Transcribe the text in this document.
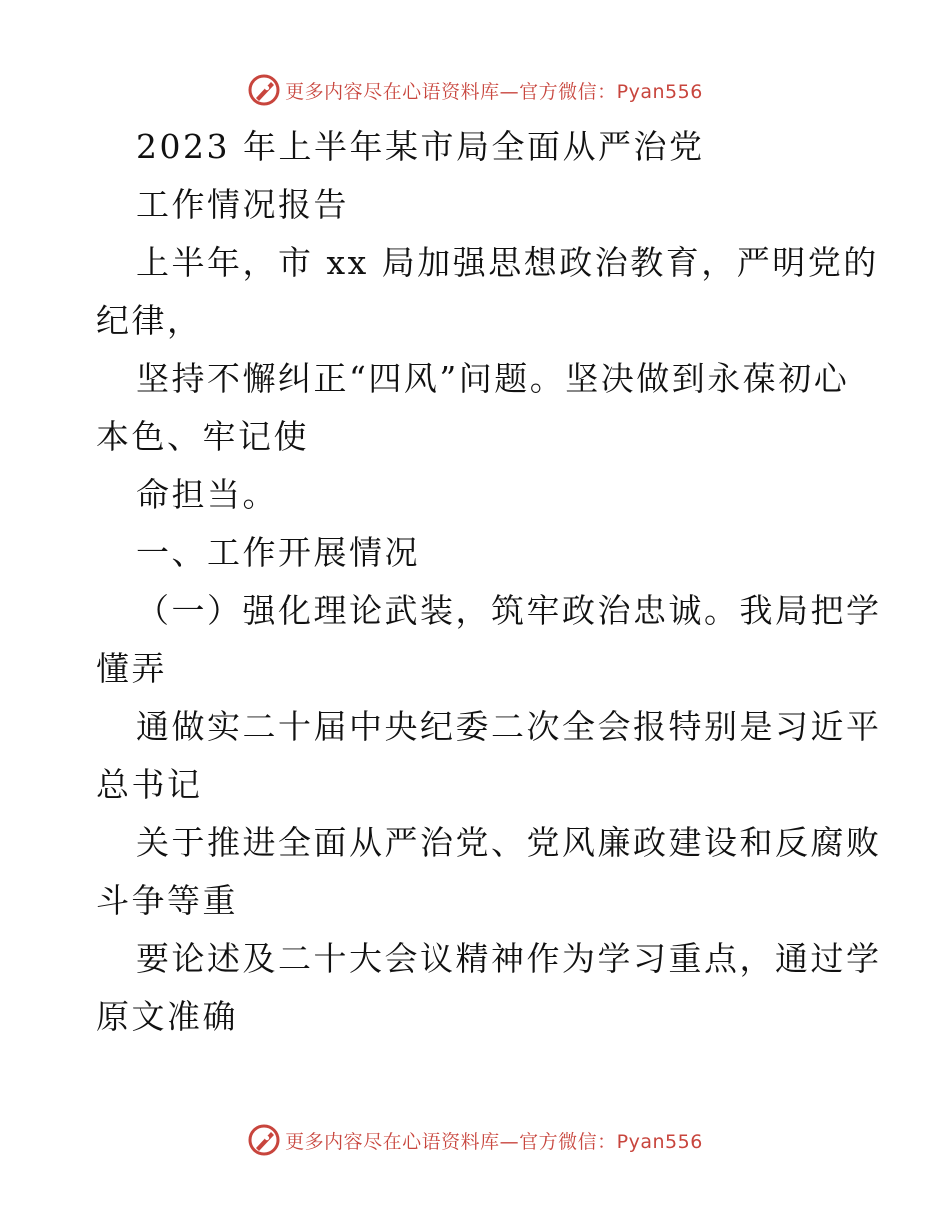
更多内容尽在心语资料库—官方微信：Pyan556
2023 年上半年某市局全面从严治党
工作情况报告
上半年，市 xx 局加强思想政治教育，严明党的
纪律，
坚持不懈纠正“四风”问题。坚决做到永葆初心
本色、牢记使
命担当。
一、工作开展情况
（一）强化理论武装，筑牢政治忠诚。我局把学
懂弄
通做实二十届中央纪委二次全会报特别是习近平
总书记
关于推进全面从严治党、党风廉政建设和反腐败
斗争等重
要论述及二十大会议精神作为学习重点，通过学
原文准确
更多内容尽在心语资料库—官方微信：Pyan556
